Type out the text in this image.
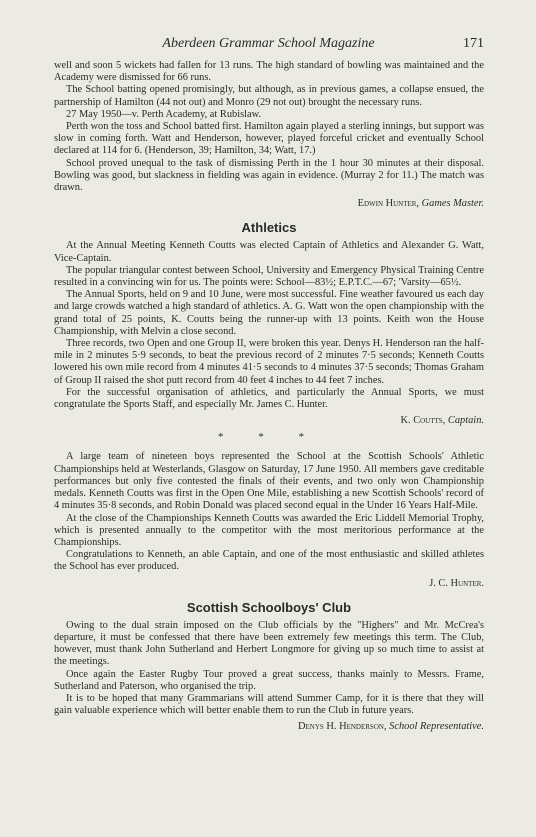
Aberdeen Grammar School Magazine	171

well and soon 5 wickets had fallen for 13 runs. The high standard of bowling was maintained and the Academy were dismissed for 66 runs.

The School batting opened promisingly, but although, as in previous games, a collapse ensued, the partnership of Hamilton (44 not out) and Monro (29 not out) brought the necessary runs.

27 May 1950—v. Perth Academy, at Rubislaw.

Perth won the toss and School batted first. Hamilton again played a sterling innings, but support was slow in coming forth. Watt and Henderson, however, played forceful cricket and eventually School declared at 114 for 6. (Henderson, 39; Hamilton, 34; Watt, 17.)

School proved unequal to the task of dismissing Perth in the 1 hour 30 minutes at their disposal. Bowling was good, but slackness in fielding was again in evidence. (Murray 2 for 11.) The match was drawn.

Edwin Hunter, Games Master.
Athletics

At the Annual Meeting Kenneth Coutts was elected Captain of Athletics and Alexander G. Watt, Vice-Captain.

The popular triangular contest between School, University and Emergency Physical Training Centre resulted in a convincing win for us. The points were: School—83½; E.P.T.C.—67; 'Varsity—65½.

The Annual Sports, held on 9 and 10 June, were most successful. Fine weather favoured us each day and large crowds watched a high standard of athletics. A. G. Watt won the open championship with the grand total of 25 points, K. Coutts being the runner-up with 13 points. Keith won the House Championship, with Melvin a close second.

Three records, two Open and one Group II, were broken this year. Denys H. Henderson ran the half-mile in 2 minutes 5·9 seconds, to beat the previous record of 2 minutes 7·5 seconds; Kenneth Coutts lowered his own mile record from 4 minutes 41·5 seconds to 4 minutes 37·5 seconds; Thomas Graham of Group II raised the shot putt record from 40 feet 4 inches to 44 feet 7 inches.

For the successful organisation of athletics, and particularly the Annual Sports, we must congratulate the Sports Staff, and especially Mr. James C. Hunter.

K. Coutts, Captain.
* * *

A large team of nineteen boys represented the School at the Scottish Schools' Athletic Championships held at Westerlands, Glasgow on Saturday, 17 June 1950. All members gave creditable performances but only five contested the finals of their events, and two only won Championship medals. Kenneth Coutts was first in the Open One Mile, establishing a new Scottish Schools' record of 4 minutes 35·8 seconds, and Robin Donald was placed second equal in the Under 16 Years Half-Mile.

At the close of the Championships Kenneth Coutts was awarded the Eric Liddell Memorial Trophy, which is presented annually to the competitor with the most meritorious performance at the Championships.

Congratulations to Kenneth, an able Captain, and one of the most enthusiastic and skilled athletes the School has ever produced.

J. C. Hunter.
Scottish Schoolboys' Club

Owing to the dual strain imposed on the Club officials by the "Highers" and Mr. McCrea's departure, it must be confessed that there have been extremely few meetings this term. The Club, however, must thank John Sutherland and Herbert Longmore for giving up so much time to assist at the meetings.

Once again the Easter Rugby Tour proved a great success, thanks mainly to Messrs. Frame, Sutherland and Paterson, who organised the trip.

It is to be hoped that many Grammarians will attend Summer Camp, for it is there that they will gain valuable experience which will better enable them to run the Club in future years.

Denys H. Henderson, School Representative.
